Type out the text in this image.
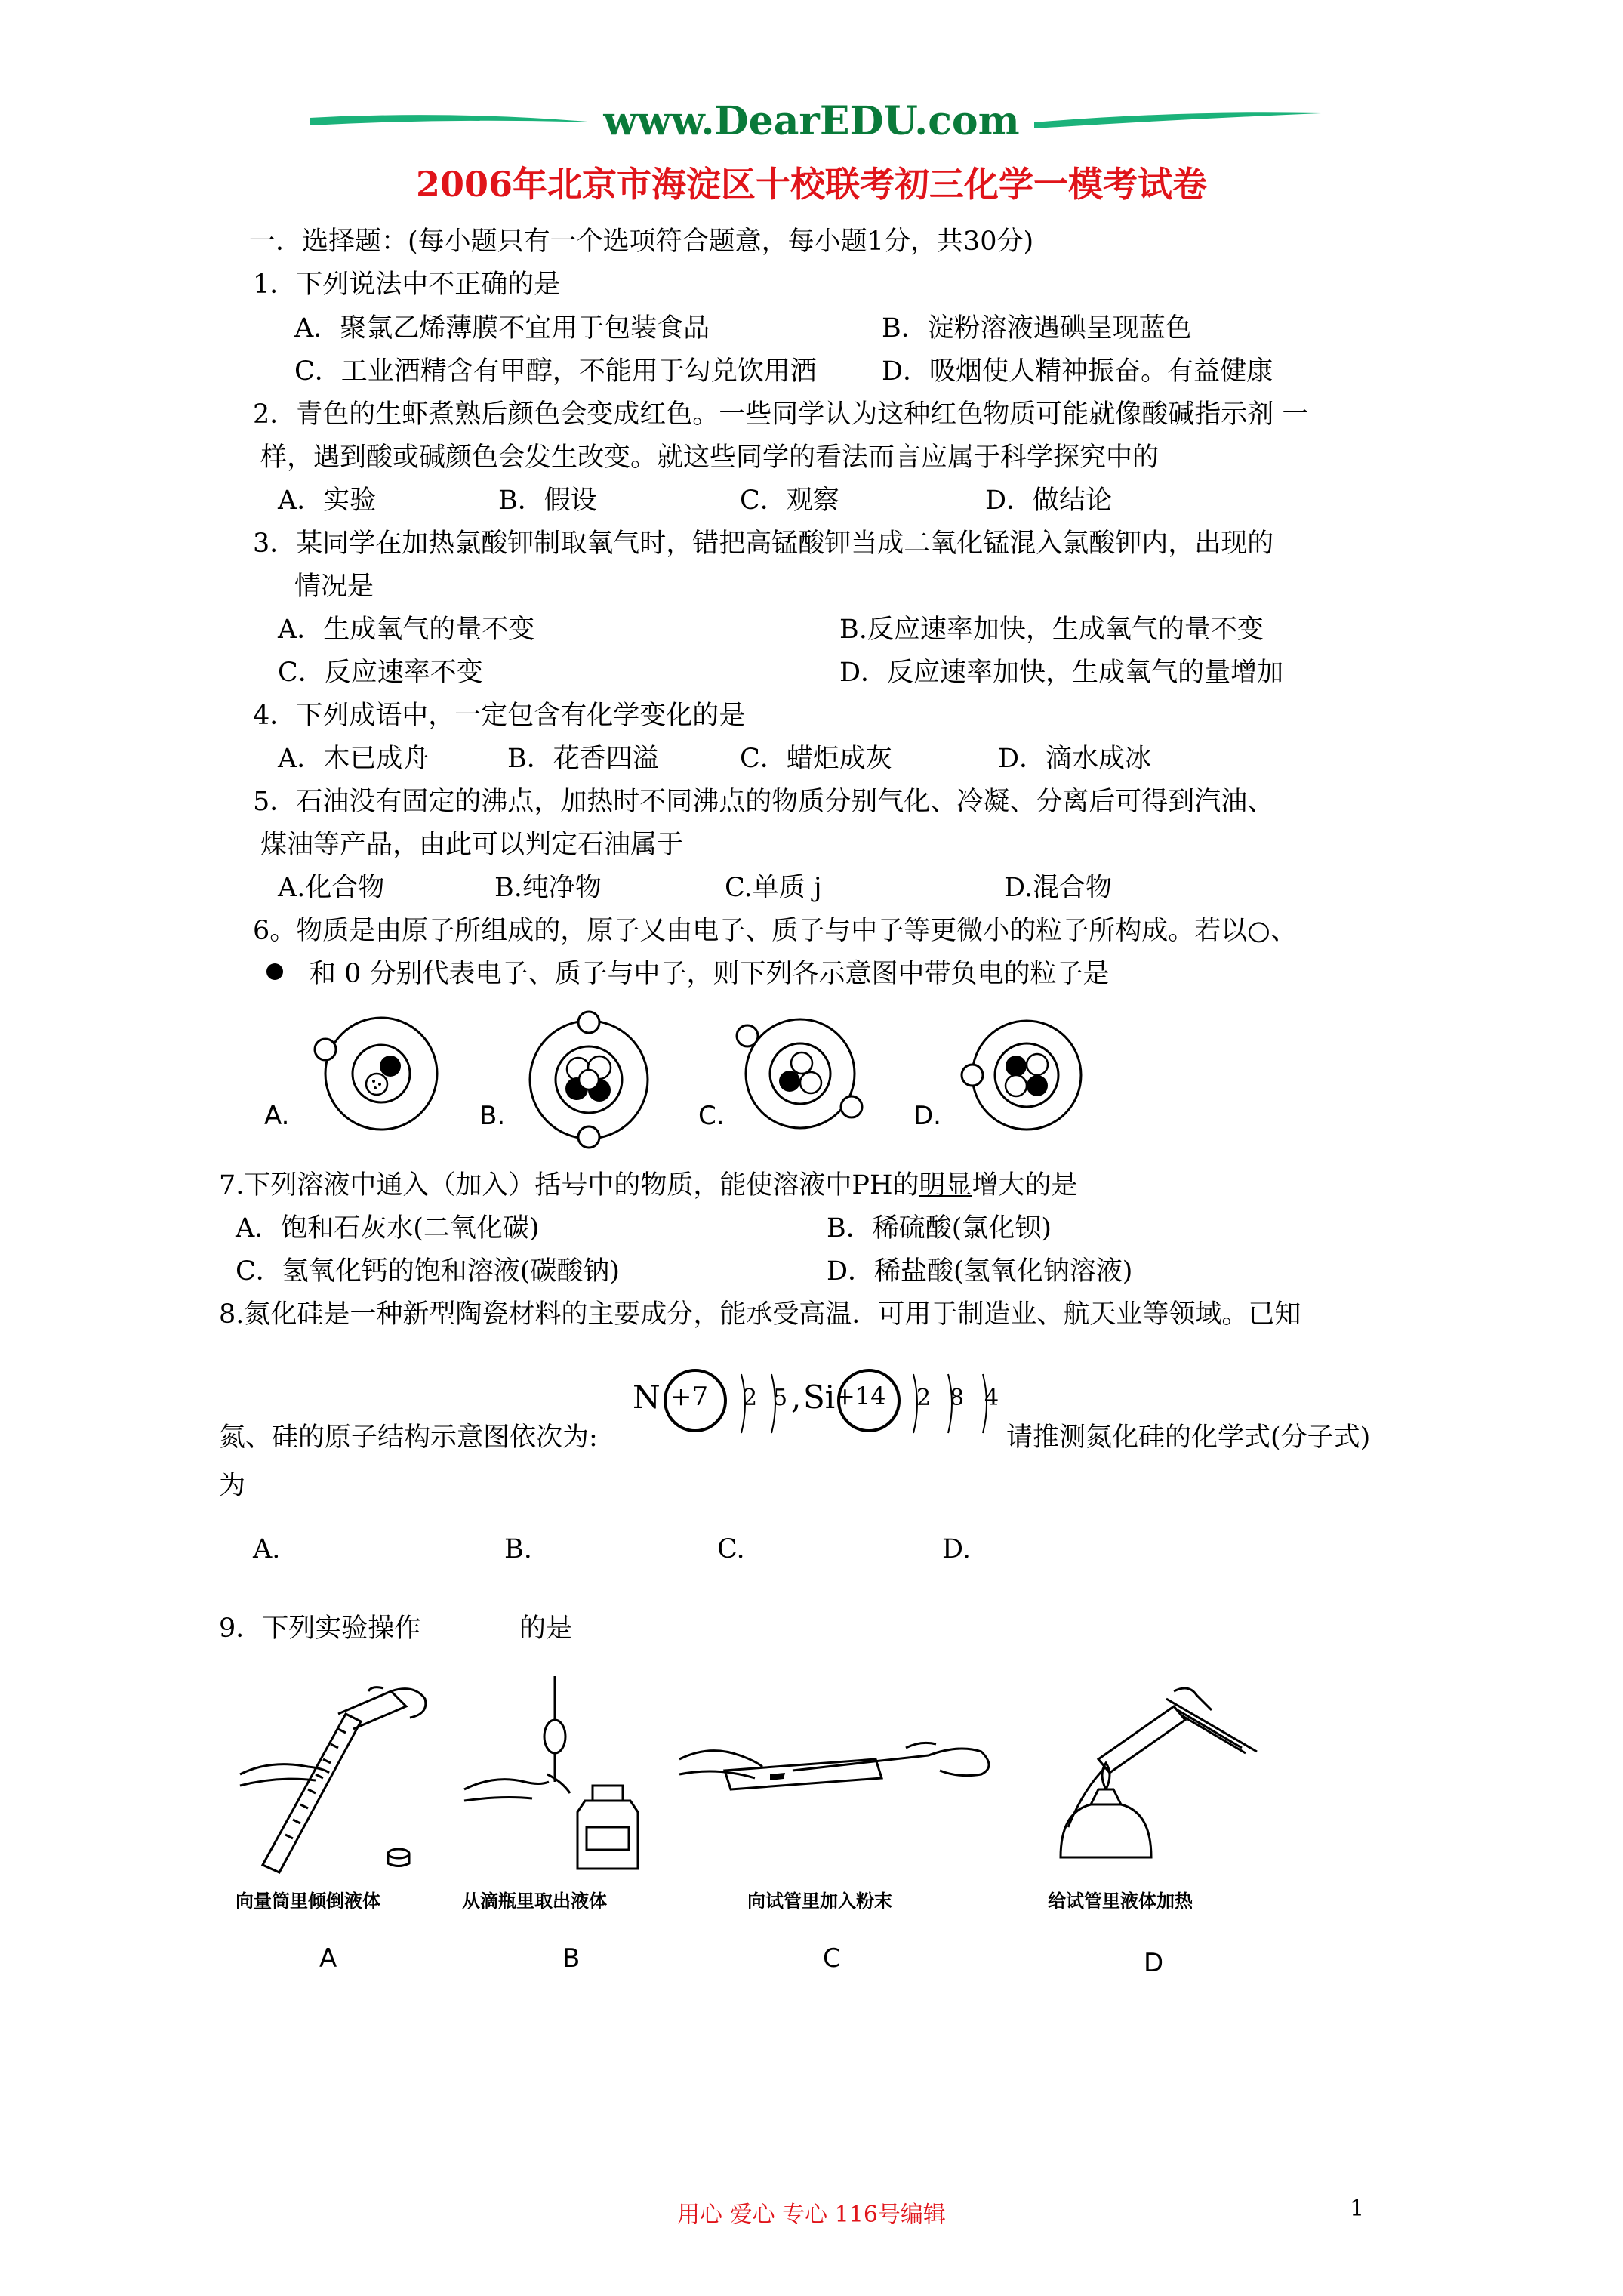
www.DearEDU.com
2006年北京市海淀区十校联考初三化学一模考试卷
一．选择题：(每小题只有一个选项符合题意，每小题1分，共30分)
1．下列说法中不正确的是
A．聚氯乙烯薄膜不宜用于包装食品	B．淀粉溶液遇碘呈现蓝色
C．工业酒精含有甲醇，不能用于勾兑饮用酒 D．吸烟使人精神振奋。有益健康
2．青色的生虾煮熟后颜色会变成红色。一些同学认为这种红色物质可能就像酸碱指示剂 一
样，遇到酸或碱颜色会发生改变。就这些同学的看法而言应属于科学探究中的
A．实验	B．假设	C．观察	D．做结论
3．某同学在加热氯酸钾制取氧气时，错把高锰酸钾当成二氧化锰混入氯酸钾内，出现的
情况是
A．生成氧气的量不变	B.反应速率加快，生成氧气的量不变
C．反应速率不变	D．反应速率加快，生成氧气的量增加
4．下列成语中，一定包含有化学变化的是
A．木已成舟	B．花香四溢	C．蜡炬成灰	D．滴水成冰
5．石油没有固定的沸点，加热时不同沸点的物质分别气化、冷凝、分离后可得到汽油、
煤油等产品，由此可以判定石油属于
A.化合物	B.纯净物	C.单质 j	D.混合物
6。物质是由原子所组成的，原子又由电子、质子与中子等更微小的粒子所构成。若以○、
和 0 分别代表电子、质子与中子，则下列各示意图中带负电的粒子是
A.	B.	C.	D.
7.下列溶液中通入（加入）括号中的物质，能使溶液中PH的明显增大的是
A．饱和石灰水(二氧化碳)	B．稀硫酸(氯化钡)
C．氢氧化钙的饱和溶液(碳酸钠)	D．稀盐酸(氢氧化钠溶液)
8.氮化硅是一种新型陶瓷材料的主要成分，能承受高温．可用于制造业、航天业等领域。已知
N +7 2 5 , Si +14 2 8 4
氮、硅的原子结构示意图依次为:	请推测氮化硅的化学式(分子式)
为
A.	B.	C.	D.
9．下列实验操作	的是
向量筒里倾倒液体	从滴瓶里取出液体	向试管里加入粉末	给试管里液体加热
A	B	C	D
用心 爱心 专心 116号编辑	1
